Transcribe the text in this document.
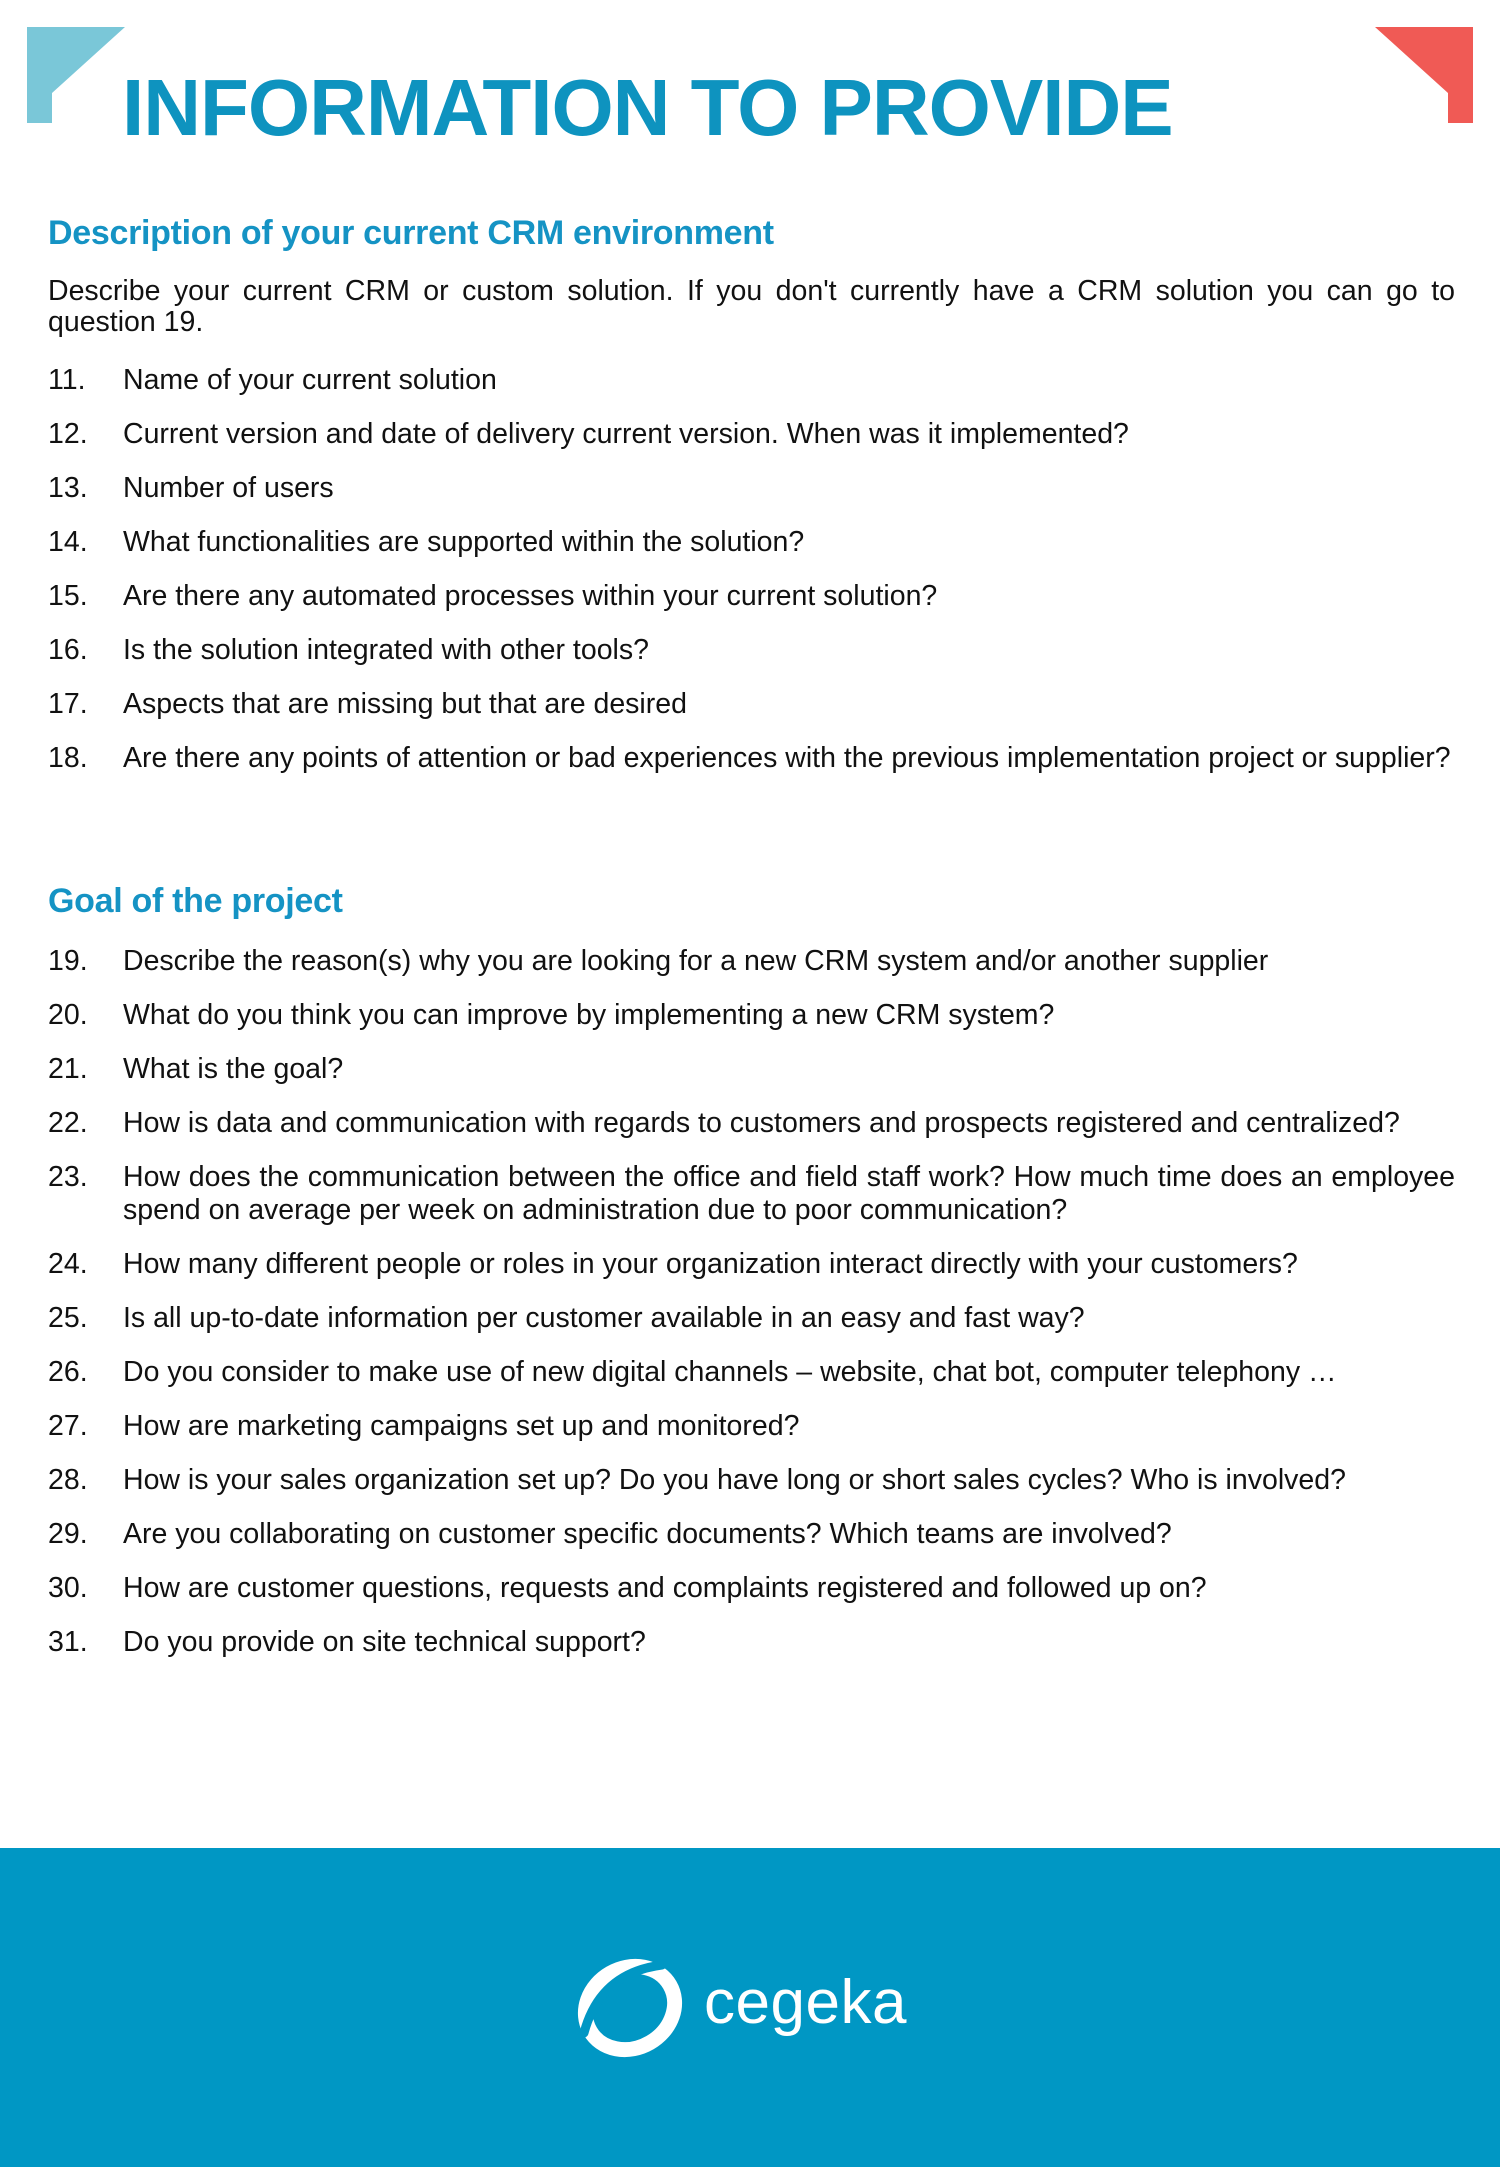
INFORMATION TO PROVIDE
Description of your current CRM environment
Describe your current CRM or custom solution. If you don't currently have a CRM solution you can go to question 19.
11.	Name of your current solution
12.	Current version and date of delivery current version. When was it implemented?
13.	Number of users
14.	What functionalities are supported within the solution?
15.	Are there any automated processes within your current solution?
16.	Is the solution integrated with other tools?
17.	Aspects that are missing but that are desired
18.	Are there any points of attention or bad experiences with the previous implementation project or supplier?
Goal of the project
19.	Describe the reason(s) why you are looking for a new CRM system and/or another supplier
20.	What do you think you can improve by implementing a new CRM system?
21.	What is the goal?
22.	How is data and communication with regards to customers and prospects registered and centralized?
23.	How does the communication between the office and field staff work? How much time does an employee spend on average per week on administration due to poor communication?
24.	How many different people or roles in your organization interact directly with your customers?
25.	Is all up-to-date information per customer available in an easy and fast way?
26.	Do you consider to make use of new digital channels – website, chat bot, computer telephony …
27.	How are marketing campaigns set up and monitored?
28.	How is your sales organization set up? Do you have long or short sales cycles? Who is involved?
29.	Are you collaborating on customer specific documents? Which teams are involved?
30.	How are customer questions, requests and complaints registered and followed up on?
31.	Do you provide on site technical support?
cegeka
